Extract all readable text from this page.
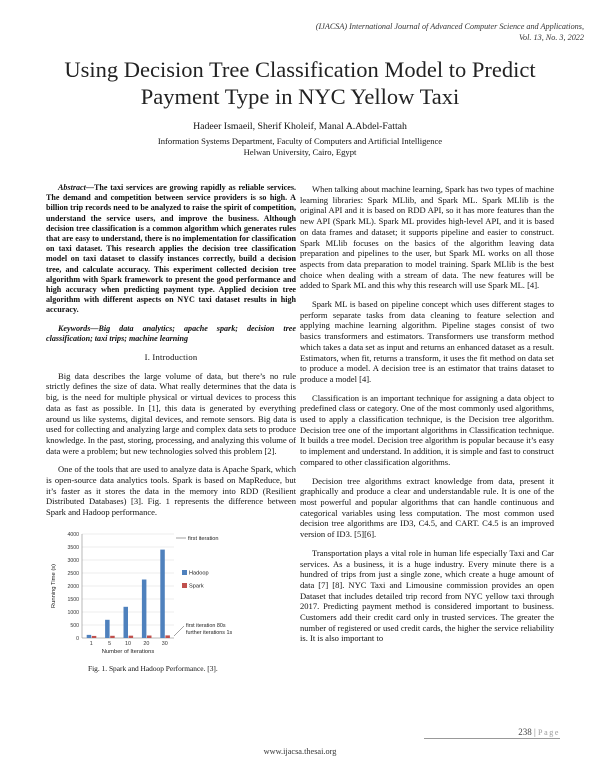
(IJACSA) International Journal of Advanced Computer Science and Applications,
Vol. 13, No. 3, 2022
Using Decision Tree Classification Model to Predict Payment Type in NYC Yellow Taxi
Hadeer Ismaeil, Sherif Kholeif, Manal A.Abdel-Fattah
Information Systems Department, Faculty of Computers and Artificial Intelligence
Helwan University, Cairo, Egypt

Abstract—The taxi services are growing rapidly as reliable services. The demand and competition between service providers is so high. A billion trip records need to be analyzed to raise the spirit of competition, understand the service users, and improve the business. Although decision tree classification is a common algorithm which generates rules that are easy to understand, there is no implementation for classification on taxi dataset. This research applies the decision tree classification model on taxi dataset to classify instances correctly, build a decision tree, and calculate accuracy. This experiment collected decision tree algorithm with Spark framework to present the good performance and high accuracy when predicting payment type. Applied decision tree algorithm with different aspects on NYC taxi dataset results in high accuracy.

Keywords—Big data analytics; apache spark; decision tree classification; taxi trips; machine learning

I. Introduction

Big data describes the large volume of data, but there’s no rule strictly defines the size of data. What really determines that the data is big, is the need for multiple physical or virtual devices to process this data as fast as possible. In [1], this data is generated by everything around us like systems, digital devices, and remote sensors. Big data is used for collecting and analyzing large and complex data sets to produce knowledge. In the past, storing, processing, and analyzing this volume of data were a problem; but new technologies solved this problem [2].

One of the tools that are used to analyze data is Apache Spark, which is open-source data analytics tools. Spark is based on MapReduce, but it’s faster as it stores the data in the memory into RDD (Resilient Distributed Databases) [3]. Fig. 1 represents the difference between Spark and Hadoop performance.

0
500
1000
1500
2000
2500
3000
3500
4000
1	5	10 20 30
Number of Iterations
Running Time (s)	Hadoop
Spark
first iteration
first iteration 80s
further iterations 1s
Fig. 1. Spark and Hadoop Performance. [3].

When talking about machine learning, Spark has two types of machine learning libraries: Spark MLlib, and Spark ML. Spark MLlib is the original API and it is based on RDD API, so it has more features than the new API (Spark ML). Spark ML provides high-level API, and it is based on data frames and dataset; it supports pipeline and easier to construct. Spark MLlib focuses on the basics of the algorithm leaving data preparation and pipelines to the user, but Spark ML works on all those aspects from data preparation to model training. Spark MLlib is the best choice when dealing with a stream of data. The new features will be added to Spark ML and this why this research will use Spark ML. [4].

Spark ML is based on pipeline concept which uses different stages to perform separate tasks from data cleaning to feature selection and applying machine learning algorithm. Pipeline stages consist of two basics transformers and estimators. Transformers use transform method which takes a data set as input and returns an enhanced dataset as a result. Estimators, when fit, returns a transform, it uses the fit method on data set to produce a model. A decision tree is an estimator that trains dataset to produce a model [4].

Classification is an important technique for assigning a data object to predefined class or category. One of the most commonly used algorithms, used to apply a classification technique, is the Decision tree algorithm. Decision tree one of the important algorithms in Classification technique. It builds a tree model. Decision tree algorithm is popular because it’s easy to implement and understand. In addition, it is simple and fast to construct compared to other classification algorithms.

Decision tree algorithms extract knowledge from data, present it graphically and produce a clear and understandable rule. It is one of the most powerful and popular algorithms that can handle continuous and categorical variables using less computation. The most common used decision tree algorithms are ID3, C4.5, and CART. C4.5 is an improved version of ID3. [5][6].

Transportation plays a vital role in human life especially Taxi and Car services. As a business, it is a huge industry. Every minute there is a hundred of trips from just a single zone, which create a huge amount of data [7] [8]. NYC Taxi and Limousine commission provides an open Dataset that includes detailed trip record from NYC yellow taxi through 2017. Predicting payment method is considered important to business. Customers add their credit card only in trusted services. The greater the number of registered or used credit cards, the higher the service reliability is. It is also important to

238 | Page
www.ijacsa.thesai.org
